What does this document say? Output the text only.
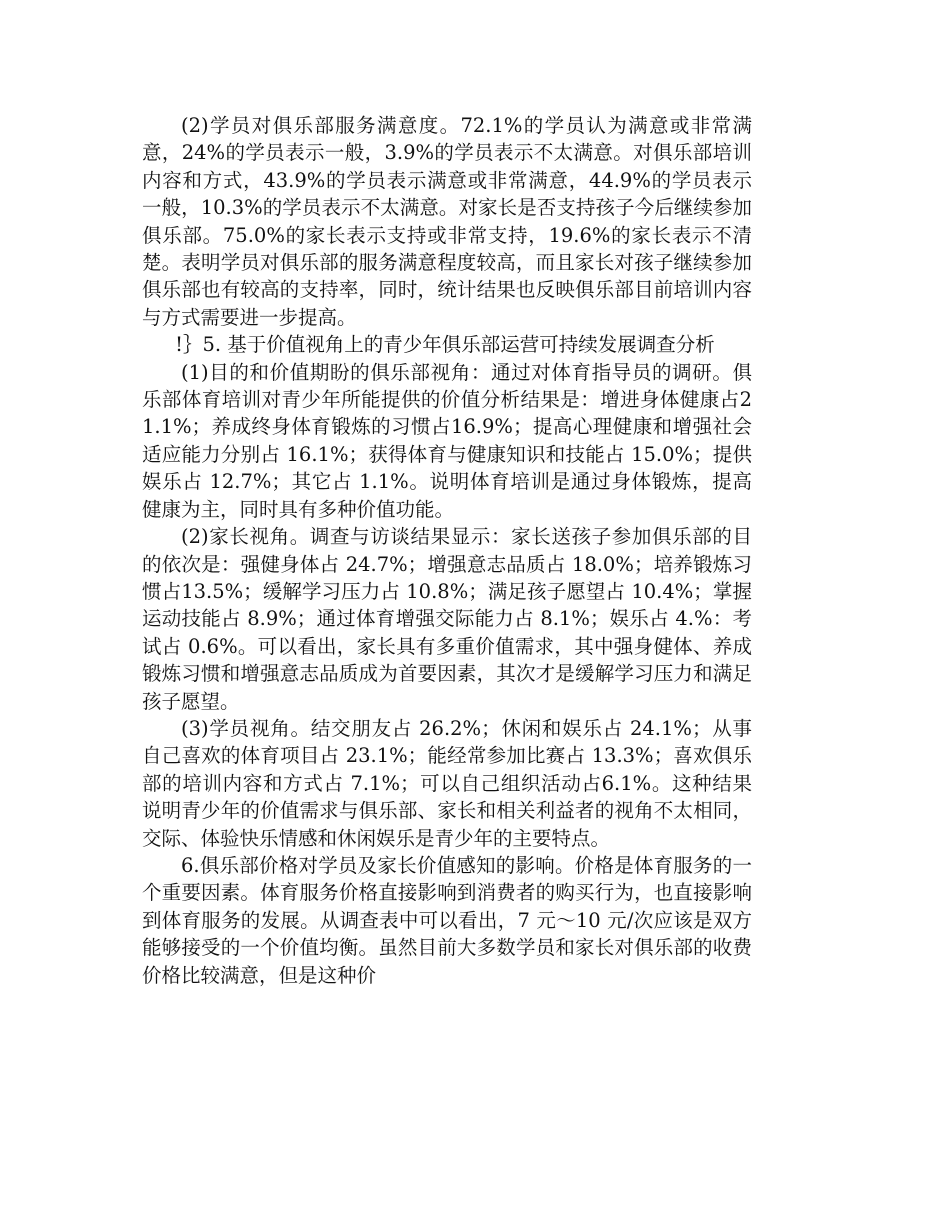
(2)学员对俱乐部服务满意度。72.1%的学员认为满意或非常满意，24%的学员表示一般，3.9%的学员表示不太满意。对俱乐部培训内容和方式，43.9%的学员表示满意或非常满意，44.9%的学员表示一般，10.3%的学员表示不太满意。对家长是否支持孩子今后继续参加俱乐部。75.0%的家长表示支持或非常支持，19.6%的家长表示不清楚。表明学员对俱乐部的服务满意程度较高，而且家长对孩子继续参加俱乐部也有较高的支持率，同时，统计结果也反映俱乐部目前培训内容与方式需要进一步提高。

!｝5. 基于价值视角上的青少年俱乐部运营可持续发展调查分析

(1)目的和价值期盼的俱乐部视角：通过对体育指导员的调研。俱乐部体育培训对青少年所能提供的价值分析结果是：增进身体健康占21.1%；养成终身体育锻炼的习惯占16.9%；提高心理健康和增强社会适应能力分别占 16.1%；获得体育与健康知识和技能占 15.0%；提供娱乐占 12.7%；其它占 1.1%。说明体育培训是通过身体锻炼，提高健康为主，同时具有多种价值功能。

(2)家长视角。调查与访谈结果显示：家长送孩子参加俱乐部的目的依次是：强健身体占 24.7%；增强意志品质占 18.0%；培养锻炼习惯占13.5%；缓解学习压力占 10.8%；满足孩子愿望占 10.4%；掌握运动技能占 8.9%；通过体育增强交际能力占 8.1%；娱乐占 4.%：考试占 0.6%。可以看出，家长具有多重价值需求，其中强身健体、养成锻炼习惯和增强意志品质成为首要因素，其次才是缓解学习压力和满足孩子愿望。

(3)学员视角。结交朋友占 26.2%；休闲和娱乐占 24.1%；从事自己喜欢的体育项目占 23.1%；能经常参加比赛占 13.3%；喜欢俱乐部的培训内容和方式占 7.1%；可以自己组织活动占6.1%。这种结果说明青少年的价值需求与俱乐部、家长和相关利益者的视角不太相同，交际、体验快乐情感和休闲娱乐是青少年的主要特点。

6.俱乐部价格对学员及家长价值感知的影响。价格是体育服务的一个重要因素。体育服务价格直接影响到消费者的购买行为，也直接影响到体育服务的发展。从调查表中可以看出，7 元～10 元/次应该是双方能够接受的一个价值均衡。虽然目前大多数学员和家长对俱乐部的收费价格比较满意，但是这种价
